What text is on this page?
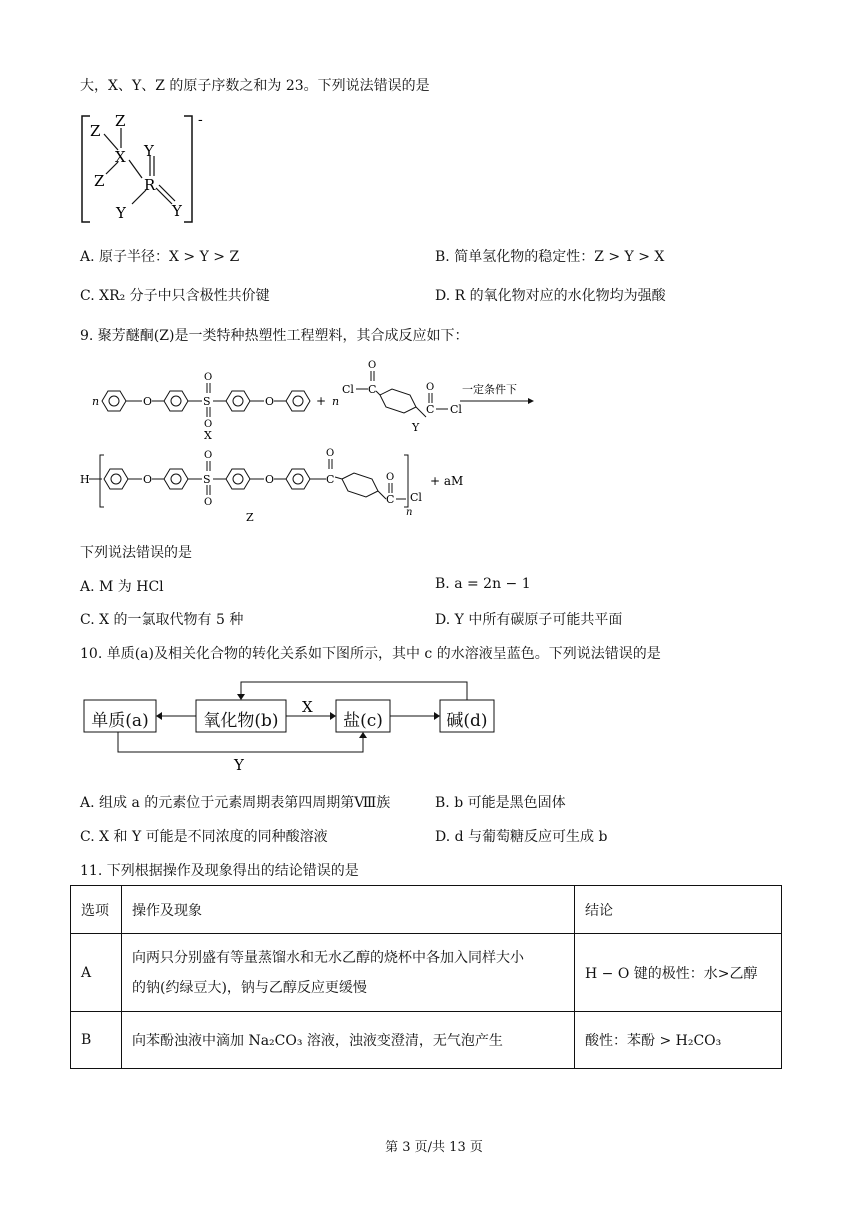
大，X、Y、Z 的原子序数之和为 23。下列说法错误的是
Z
Z
X Y
Z	R
Y	Y
-
A. 原子半径：X > Y > Z	B. 简单氢化物的稳定性：Z > Y > X
C. XR₂ 分子中只含极性共价键	D. R 的氧化物对应的水化物均为强酸
9. 聚芳醚酮(Z)是一类特种热塑性工程塑料，其合成反应如下：
n	O	S
O
O
O
X
+ n
Cl C
O
C
O
Cl
Y
一定条件下
H	O	S
O
O
O	C
O
C
O
Cl
n
+ aM
Z
下列说法错误的是
A. M 为 HCl	B. a = 2n − 1
C. X 的一氯取代物有 5 种	D. Y 中所有碳原子可能共平面
10. 单质(a)及相关化合物的转化关系如下图所示，其中 c 的水溶液呈蓝色。下列说法错误的是
X
Y
单质(a)	氧化物(b)	盐(c)	碱(d)
A. 组成 a 的元素位于元素周期表第四周期第Ⅷ族	B. b 可能是黑色固体
C. X 和 Y 可能是不同浓度的同种酸溶液	D. d 与葡萄糖反应可生成 b
11. 下列根据操作及现象得出的结论错误的是
选项	操作及现象	结论
A	向两只分别盛有等量蒸馏水和无水乙醇的烧杯中各加入同样大小
的钠(约绿豆大)，钠与乙醇反应更缓慢	H − O 键的极性：水>乙醇
B	向苯酚浊液中滴加 Na₂CO₃ 溶液，浊液变澄清，无气泡产生	酸性：苯酚 > H₂CO₃
第 3 页/共 13 页
